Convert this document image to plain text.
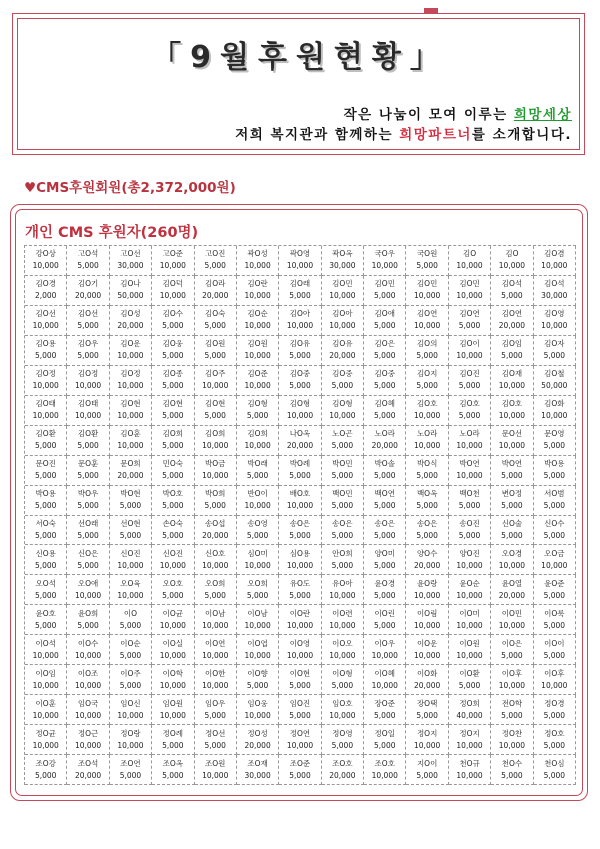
「9월후원현황」
작은 나눔이 모여 이루는 희망세상
저희 복지관과 함께하는 희망파트너를 소개합니다.
♥CMS후원회원(총2,372,000원)
개인 CMS 후원자(260명)
강O상
10,000
고O석
5,000
고O선
30,000
고O준
10,000
고O진
5,000
곽O성
10,000
곽O영
10,000
곽O옥
30,000
국O우
10,000
국O원
5,000
김O
10,000
김O
10,000
김O겸
10,000
김O경
2,000
김O기
20,000
김O나
50,000
김O덕
10,000
김O라
20,000
김O란
10,000
김O래
5,000
김O민
10,000
김O민
5,000
김O민
10,000
김O민
10,000
김O석
5,000
김O석
30,000
김O선
10,000
김O선
5,000
김O성
20,000
김O수
5,000
김O숙
5,000
김O순
10,000
김O아
10,000
김O아
10,000
김O애
5,000
김O연
10,000
김O연
5,000
김O연
20,000
김O영
10,000
김O용
5,000
김O우
5,000
김O운
10,000
김O웅
5,000
김O원
5,000
김O원
10,000
김O유
5,000
김O유
20,000
김O은
5,000
김O의
5,000
김O이
10,000
김O임
5,000
김O자
5,000
김O정
10,000
김O정
10,000
김O정
10,000
김O종
5,000
김O주
10,000
김O준
10,000
김O중
5,000
김O중
5,000
김O중
5,000
김O지
5,000
김O진
5,000
김O재
10,000
김O철
50,000
김O태
10,000
김O태
10,000
김O현
10,000
김O현
5,000
김O현
5,000
김O형
5,000
김O형
10,000
김O형
10,000
김O혜
5,000
김O호
10,000
김O호
5,000
김O호
10,000
김O화
10,000
김O환
5,000
김O환
5,000
김O훈
10,000
김O희
5,000
김O희
10,000
김O희
10,000
나O옥
20,000
노O곤
5,000
노O라
20,000
노O라
10,000
노O라
10,000
문O선
10,000
문O영
5,000
문O진
5,000
문O훈
5,000
문O희
20,000
민O숙
5,000
박O금
10,000
박O래
5,000
박O례
5,000
박O민
5,000
박O솔
5,000
박O식
5,000
박O연
10,000
박O연
5,000
박O용
5,000
박O용
5,000
박O우
5,000
박O현
5,000
박O호
5,000
박O희
5,000
반O이
10,000
배O호
10,000
백O민
5,000
백O연
5,000
백O옥
5,000
백O천
5,000
변O정
5,000
서O범
5,000
서O숙
5,000
선O래
5,000
선O현
5,000
손O숙
5,000
송O섭
20,000
송O영
5,000
송O은
5,000
송O은
5,000
송O은
5,000
송O은
5,000
송O진
5,000
신O술
5,000
신O수
5,000
신O용
5,000
신O은
5,000
신O진
10,000
신O진
10,000
신O호
10,000
심O미
10,000
심O용
10,000
안O희
5,000
양O미
5,000
양O수
20,000
양O진
10,000
오O경
10,000
오O금
10,000
오O석
5,000
오O애
10,000
오O육
10,000
오O호
5,000
오O희
5,000
오O희
5,000
유O도
5,000
유O아
10,000
윤O경
5,000
윤O랑
10,000
윤O순
10,000
윤O열
20,000
윤O준
5,000
윤O호
5,000
윤O희
5,000
이O
5,000
이O균
10,000
이O남
10,000
이O남
10,000
이O란
10,000
이O련
10,000
이O린
5,000
이O림
10,000
이O미
10,000
이O민
10,000
이O룩
5,000
이O석
10,000
이O수
10,000
이O순
5,000
이O실
10,000
이O연
10,000
이O엽
10,000
이O영
10,000
이O오
10,000
이O우
10,000
이O운
10,000
이O원
10,000
이O은
5,000
이O이
5,000
이O임
10,000
이O조
10,000
이O주
5,000
이O학
10,000
이O한
10,000
이O향
5,000
이O현
5,000
이O형
5,000
이O혜
10,000
이O화
20,000
이O환
5,000
이O후
10,000
이O후
10,000
이O훈
10,000
임O국
10,000
임O신
10,000
임O원
10,000
임O우
5,000
임O웅
10,000
임O진
5,000
임O호
10,000
장O준
5,000
장O택
5,000
정O희
40,000
전O학
5,000
정O경
5,000
정O균
10,000
정O근
10,000
정O랑
10,000
정O례
5,000
정O선
5,000
정O성
20,000
정O연
10,000
정O영
5,000
정O일
5,000
정O지
10,000
정O지
10,000
정O찬
10,000
정O호
5,000
조O강
5,000
조O석
20,000
조O연
5,000
조O옥
5,000
조O원
10,000
조O재
30,000
조O준
5,000
조O호
20,000
조O호
10,000
지O이
5,000
천O규
10,000
천O수
5,000
천O심
5,000
